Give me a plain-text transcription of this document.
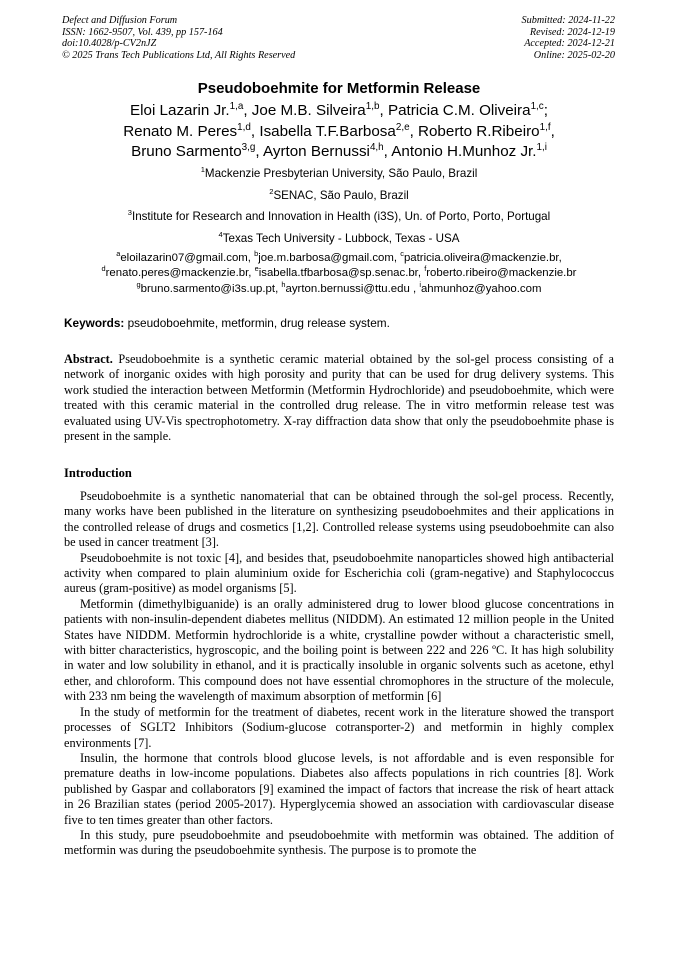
Defect and Diffusion Forum
ISSN: 1662-9507, Vol. 439, pp 157-164
doi:10.4028/p-CV2nJZ
© 2025 Trans Tech Publications Ltd, All Rights Reserved
Submitted: 2024-11-22
Revised: 2024-12-19
Accepted: 2024-12-21
Online: 2025-02-20
Pseudoboehmite for Metformin Release
Eloi Lazarin Jr.$^{1,a}$, Joe M.B. Silveira$^{1,b}$, Patricia C.M. Oliveira$^{1,c}$;
Renato M. Peres$^{1,d}$, Isabella T.F.Barbosa$^{2,e}$, Roberto R.Ribeiro$^{1,f}$,
Bruno Sarmento$^{3,g}$, Ayrton Bernussi$^{4,h}$, Antonio H.Munhoz Jr.$^{1,i}$
$^1$Mackenzie Presbyterian University, São Paulo, Brazil
$^2$SENAC, São Paulo, Brazil
$^3$Institute for Research and Innovation in Health (i3S), Un. of Porto, Porto, Portugal
$^4$Texas Tech University - Lubbock, Texas - USA
$^a$eloilazarin07@gmail.com, $^b$joe.m.barbosa@gmail.com, $^c$patricia.oliveira@mackenzie.br,
$^d$renato.peres@mackenzie.br, $^e$isabella.tfbarbosa@sp.senac.br, $^f$roberto.ribeiro@mackenzie.br
$^g$bruno.sarmento@i3s.up.pt, $^h$ayrton.bernussi@ttu.edu , $^i$ahmunhoz@yahoo.com
Keywords: pseudoboehmite, metformin, drug release system.
Abstract. Pseudoboehmite is a synthetic ceramic material obtained by the sol-gel process consisting of a network of inorganic oxides with high porosity and purity that can be used for drug delivery systems. This work studied the interaction between Metformin (Metformin Hydrochloride) and pseudoboehmite, which were treated with this ceramic material in the controlled drug release. The in vitro metformin release test was evaluated using UV-Vis spectrophotometry. X-ray diffraction data show that only the pseudoboehmite phase is present in the sample.
Introduction

Pseudoboehmite is a synthetic nanomaterial that can be obtained through the sol-gel process. Recently, many works have been published in the literature on synthesizing pseudoboehmites and their applications in the controlled release of drugs and cosmetics [1,2]. Controlled release systems using pseudoboehmite can also be used in cancer treatment [3].

Pseudoboehmite is not toxic [4], and besides that, pseudoboehmite nanoparticles showed high antibacterial activity when compared to plain aluminium oxide for Escherichia coli (gram-negative) and Staphylococcus aureus (gram-positive) as model organisms [5].

Metformin (dimethylbiguanide) is an orally administered drug to lower blood glucose concentrations in patients with non-insulin-dependent diabetes mellitus (NIDDM). An estimated 12 million people in the United States have NIDDM. Metformin hydrochloride is a white, crystalline powder without a characteristic smell, with bitter characteristics, hygroscopic, and the boiling point is between 222 and 226 ºC. It has high solubility in water and low solubility in ethanol, and it is practically insoluble in organic solvents such as acetone, ethyl ether, and chloroform. This compound does not have essential chromophores in the structure of the molecule, with 233 nm being the wavelength of maximum absorption of metformin [6]

In the study of metformin for the treatment of diabetes, recent work in the literature showed the transport processes of SGLT2 Inhibitors (Sodium-glucose cotransporter-2) and metformin in highly complex environments [7].

Insulin, the hormone that controls blood glucose levels, is not affordable and is even responsible for premature deaths in low-income populations. Diabetes also affects populations in rich countries [8]. Work published by Gaspar and collaborators [9] examined the impact of factors that increase the risk of heart attack in 26 Brazilian states (period 2005-2017). Hyperglycemia showed an association with cardiovascular disease five to ten times greater than other factors.

In this study, pure pseudoboehmite and pseudoboehmite with metformin was obtained. The addition of metformin was during the pseudoboehmite synthesis. The purpose is to promote the
